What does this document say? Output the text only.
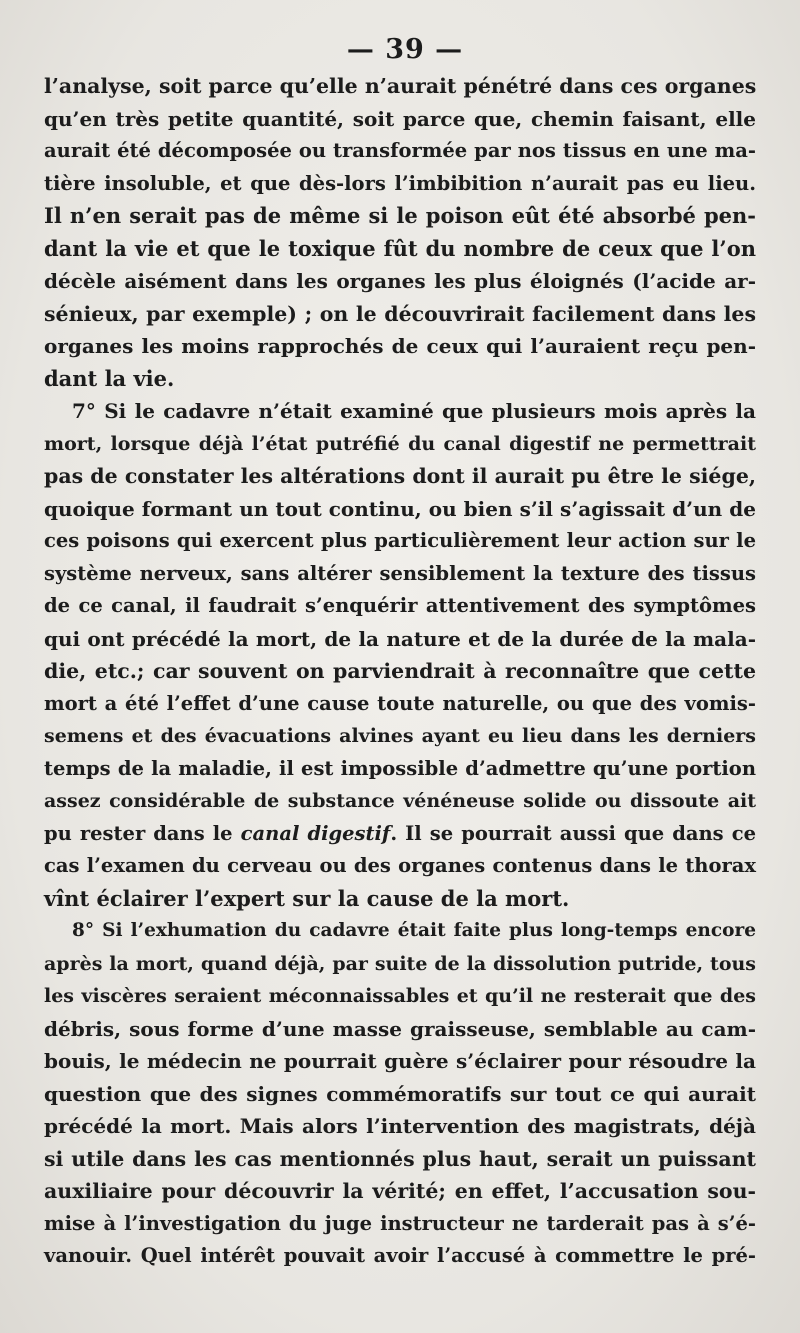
— 39 —
l’analyse, soit parce qu’elle n’aurait pénétré dans ces organes
qu’en très petite quantité, soit parce que, chemin faisant, elle
aurait été décomposée ou transformée par nos tissus en une ma-
tière insoluble, et que dès-lors l’imbibition n’aurait pas eu lieu.
Il n’en serait pas de même si le poison eût été absorbé pen-
dant la vie et que le toxique fût du nombre de ceux que l’on
décèle aisément dans les organes les plus éloignés (l’acide ar-
sénieux, par exemple) ; on le découvrirait facilement dans les
organes les moins rapprochés de ceux qui l’auraient reçu pen-
dant la vie.
7° Si le cadavre n’était examiné que plusieurs mois après la
mort, lorsque déjà l’état putréfié du canal digestif ne permettrait
pas de constater les altérations dont il aurait pu être le siége,
quoique formant un tout continu, ou bien s’il s’agissait d’un de
ces poisons qui exercent plus particulièrement leur action sur le
système nerveux, sans altérer sensiblement la texture des tissus
de ce canal, il faudrait s’enquérir attentivement des symptômes
qui ont précédé la mort, de la nature et de la durée de la mala-
die, etc.; car souvent on parviendrait à reconnaître que cette
mort a été l’effet d’une cause toute naturelle, ou que des vomis-
semens et des évacuations alvines ayant eu lieu dans les derniers
temps de la maladie, il est impossible d’admettre qu’une portion
assez considérable de substance vénéneuse solide ou dissoute ait
pu rester dans le canal digestif. Il se pourrait aussi que dans ce
cas l’examen du cerveau ou des organes contenus dans le thorax
vînt éclairer l’expert sur la cause de la mort.
8° Si l’exhumation du cadavre était faite plus long-temps encore
après la mort, quand déjà, par suite de la dissolution putride, tous
les viscères seraient méconnaissables et qu’il ne resterait que des
débris, sous forme d’une masse graisseuse, semblable au cam-
bouis, le médecin ne pourrait guère s’éclairer pour résoudre la
question que des signes commémoratifs sur tout ce qui aurait
précédé la mort. Mais alors l’intervention des magistrats, déjà
si utile dans les cas mentionnés plus haut, serait un puissant
auxiliaire pour découvrir la vérité; en effet, l’accusation sou-
mise à l’investigation du juge instructeur ne tarderait pas à s’é-
vanouir. Quel intérêt pouvait avoir l’accusé à commettre le pré-
